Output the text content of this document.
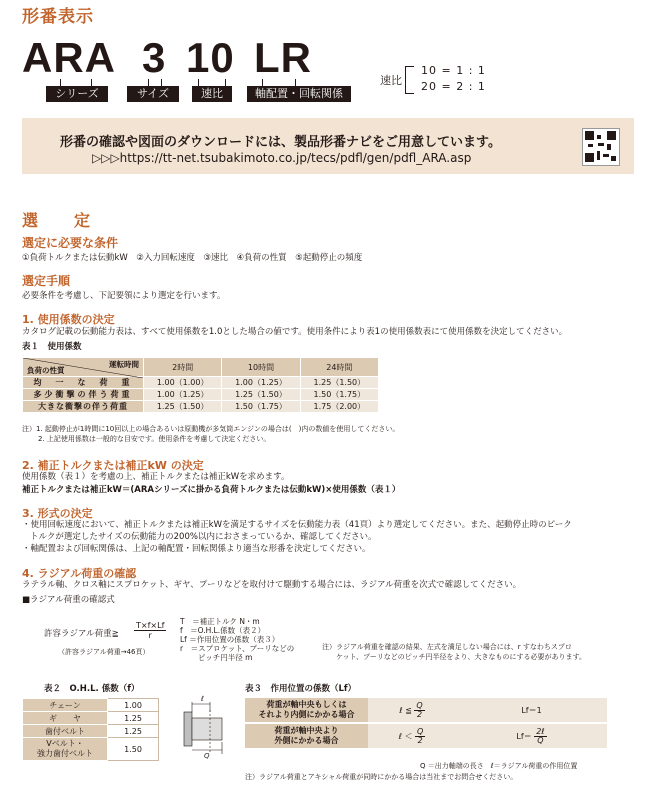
形番表示
ARA 3 10 LR
シリーズ	サイズ	速比	軸配置・回転関係
速比
10 = 1 : 1
20 = 2 : 1
形番の確認や図面のダウンロードには、製品形番ナビをご用意しています。
▷▷▷https://tt-net.tsubakimoto.co.jp/tecs/pdfl/gen/pdfl_ARA.asp
選　定
選定に必要な条件
①負荷トルクまたは伝動kW　②入力回転速度　③速比　④負荷の性質　⑤起動停止の頻度
選定手順
必要条件を考慮し、下記要領により選定を行います。
1. 使用係数の決定
カタログ記載の伝動能力表は、すべて使用係数を1.0とした場合の値です。使用条件により表1の使用係数表にて使用係数を決定してください。
表１　使用係数
運転時間
負荷の性質	2時間	10時間	24時間
均　一　な　荷　重	1.00（1.00）	1.00（1.25）	1.25（1.50）
多少衝撃の伴う荷重	1.00（1.25）	1.25（1.50）	1.50（1.75）
大きな衝撃の伴う荷重	1.25（1.50）	1.50（1.75）	1.75（2.00）
注）1. 起動停止が1時間に10回以上の場合あるいは原動機が多気筒エンジンの場合は(　)内の数値を使用してください。
2. 上記使用係数は一般的な目安です。使用条件を考慮して決定ください。
2. 補正トルクまたは補正kW の決定
使用係数（表１）を考慮の上、補正トルクまたは補正kWを求めます。
補正トルクまたは補正kW＝(ARAシリーズに掛かる負荷トルクまたは伝動kW)×使用係数（表１）
3. 形式の決定
・使用回転速度において、補正トルクまたは補正kWを満足するサイズを伝動能力表（41頁）より選定してください。また、起動停止時のピーク
トルクが選定したサイズの伝動能力の200%以内におさまっているか、確認してください。
・軸配置および回転関係は、上記の軸配置・回転関係より適当な形番を決定してください。
4. ラジアル荷重の確認
ラテラル軸、クロス軸にスプロケット、ギヤ、プーリなどを取付けて駆動する場合には、ラジアル荷重を次式で確認してください。
■ラジアル荷重の確認式
許容ラジアル荷重≧ $\frac{T\times f\times Lf}{r}$
T　＝補正トルク N・m
f　＝O.H.L.係数（表２）
Lf ＝作用位置の係数（表３）
r　＝スプロケット、プーリなどの
ピッチ円半径 m
（許容ラジアル荷重→46頁）
注）ラジアル荷重を確認の結果、左式を満足しない場合には、r すなわちスプロ
ケット、プーリなどのピッチ円半径をより、大きなものにする必要があります。
表２　O.H.L. 係数（f）
チェーン	1.00
ギ　　ヤ	1.25
歯付ベルト	1.25
Vベルト・
強力歯付ベルト	1.50
ℓ
Q
表３　作用位置の係数（Lf）
荷重が軸中央もしくは
それより内側にかかる場合	ℓ ≦ $\frac{Q}{2}$	Lf＝1

荷重が軸中央より
外側にかかる場合	ℓ ＜ $\frac{Q}{2}$	$Lf= \frac{\text{2ℓ}}{Q}$
Q ＝出力軸端の長さ　ℓ＝ラジアル荷重の作用位置
注）ラジアル荷重とアキシャル荷重が同時にかかる場合は当社までお問合せください。
